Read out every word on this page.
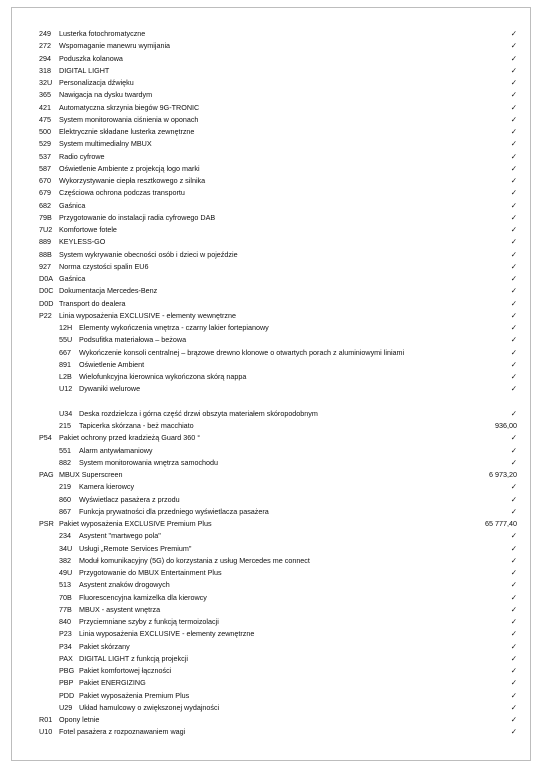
249	Lusterka fotochromatyczne	✓
272	Wspomaganie manewru wymijania	✓
294	Poduszka kolanowa	✓
318	DIGITAL LIGHT	✓
32U Personalizacja dźwięku	✓
365	Nawigacja na dysku twardym	✓
421	Automatyczna skrzynia biegów 9G-TRONIC	✓
475	System monitorowania ciśnienia w oponach	✓
500	Elektrycznie składane lusterka zewnętrzne	✓
529	System multimedialny MBUX	✓
537	Radio cyfrowe	✓
587	Oświetlenie Ambiente z projekcją logo marki	✓
670	Wykorzystywanie ciepła resztkowego z silnika	✓
679	Częściowa ochrona podczas transportu	✓
682	Gaśnica	✓
79B	Przygotowanie do instalacji radia cyfrowego DAB	✓
7U2 Komfortowe fotele	✓
889	KEYLESS-GO	✓
88B	System wykrywanie obecności osób i dzieci w pojeździe	✓
927	Norma czystości spalin EU6	✓
D0A Gaśnica	✓
D0C Dokumentacja Mercedes-Benz	✓
D0D Transport do dealera	✓
P22	Linia wyposażenia EXCLUSIVE - elementy wewnętrzne	✓
12H Elementy wykończenia wnętrza - czarny lakier fortepianowy	✓
55U Podsufitka materiałowa – beżowa	✓
667	Wykończenie konsoli centralnej – brązowe drewno klonowe o otwartych porach z aluminiowymi liniami	✓
891	Oświetlenie Ambient	✓
L2B	Wielofunkcyjna kierownica wykończona skórą nappa	✓
U12 Dywaniki welurowe	✓
U34 Deska rozdzielcza i górna część drzwi obszyta materiałem skóropodobnym	✓
215	Tapicerka skórzana - beż macchiato	936,00
P54	Pakiet ochrony przed kradzieżą Guard 360 °	✓
551	Alarm antywłamaniowy	✓
882	System monitorowania wnętrza samochodu	✓
PAG MBUX Superscreen	6 973,20
219	Kamera kierowcy	✓
860	Wyświetlacz pasażera z przodu	✓
867	Funkcja prywatności dla przedniego wyświetlacza pasażera	✓
PSR Pakiet wyposażenia EXCLUSIVE Premium Plus	65 777,40
234	Asystent "martwego pola"	✓
34U Usługi „Remote Services Premium"	✓
382	Moduł komunikacyjny (5G) do korzystania z usług Mercedes me connect	✓
49U Przygotowanie do MBUX Entertainment Plus	✓
513	Asystent znaków drogowych	✓
70B	Fluorescencyjna kamizelka dla kierowcy	✓
77B	MBUX - asystent wnętrza	✓
840	Przyciemniane szyby z funkcją termoizolacji	✓
P23	Linia wyposażenia EXCLUSIVE - elementy zewnętrzne	✓
P34	Pakiet skórzany	✓
PAX DIGITAL LIGHT z funkcją projekcji	✓
PBG Pakiet komfortowej łączności	✓
PBP Pakiet ENERGIZING	✓
PDD Pakiet wyposażenia Premium Plus	✓
U29 Układ hamulcowy o zwiększonej wydajności	✓
R01 Opony letnie	✓
U10 Fotel pasażera z rozpoznawaniem wagi	✓
